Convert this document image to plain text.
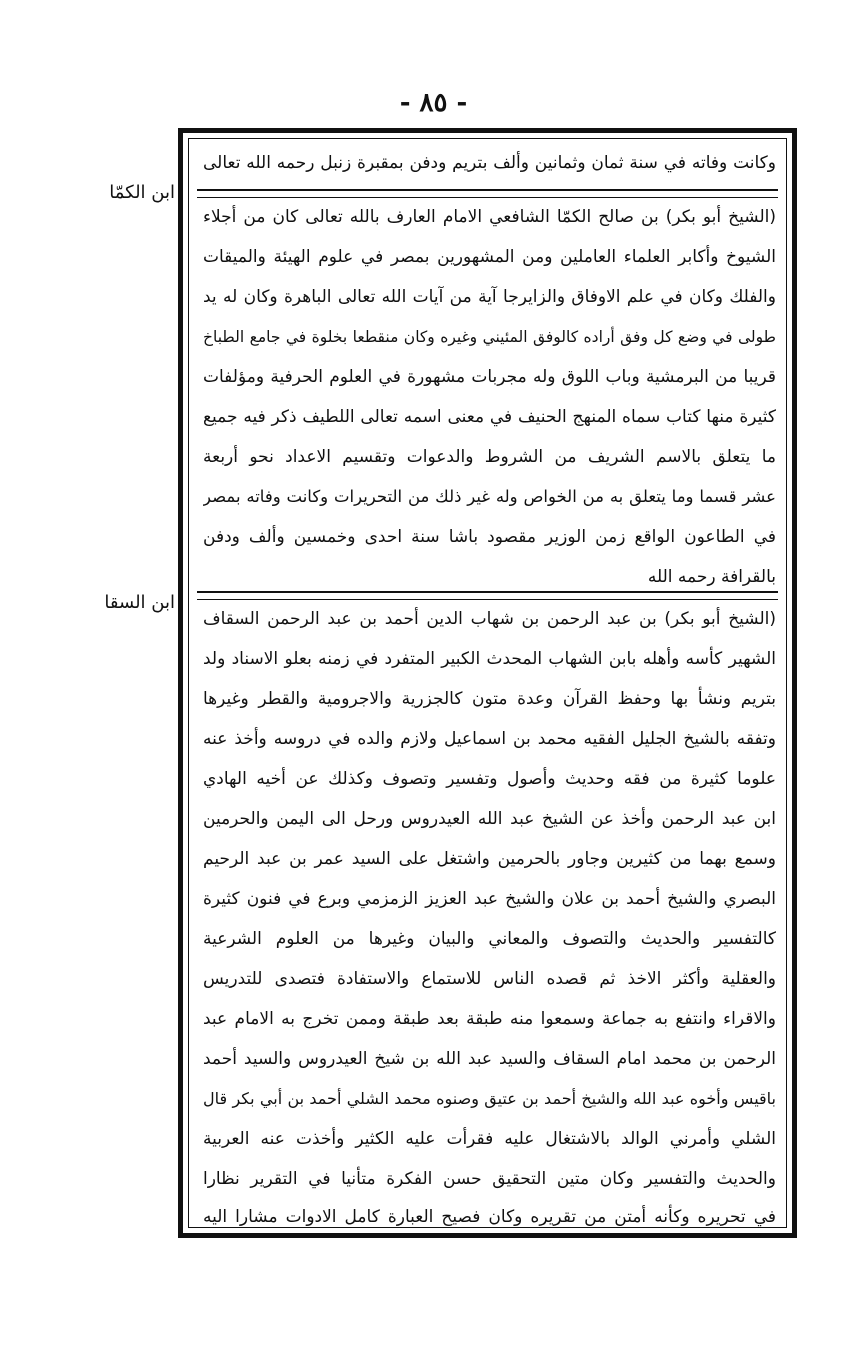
- ٨٥ -
ابن الكمّا
ابن السقا
وكانت وفاته في سنة ثمان وثمانين وألف بتريم ودفن بمقبرة زنبل رحمه الله تعالى
(الشيخ أبو بكر) بن صالح الكمّا الشافعي الامام العارف بالله تعالى كان من أجلاء
الشيوخ وأكابر العلماء العاملين ومن المشهورين بمصر في علوم الهيئة والميقات
والفلك وكان في علم الاوفاق والزايرجا آية من آيات الله تعالى الباهرة وكان له يد
طولى في وضع كل وفق أراده كالوفق المئيني وغيره وكان منقطعا بخلوة في جامع الطباخ
قريبا من البرمشية وباب اللوق وله مجربات مشهورة في العلوم الحرفية ومؤلفات
كثيرة منها كتاب سماه المنهج الحنيف في معنى اسمه تعالى اللطيف ذكر فيه جميع
ما يتعلق بالاسم الشريف من الشروط والدعوات وتقسيم الاعداد نحو أربعة
عشر قسما وما يتعلق به من الخواص وله غير ذلك من التحريرات وكانت وفاته بمصر
في الطاعون الواقع زمن الوزير مقصود باشا سنة احدى وخمسين وألف ودفن
بالقرافة رحمه الله
(الشيخ أبو بكر) بن عبد الرحمن بن شهاب الدين أحمد بن عبد الرحمن السقاف
الشهير كأسه وأهله بابن الشهاب المحدث الكبير المتفرد في زمنه بعلو الاسناد ولد
بتريم ونشأ بها وحفظ القرآن وعدة متون كالجزرية والاجرومية والقطر وغيرها
وتفقه بالشيخ الجليل الفقيه محمد بن اسماعيل ولازم والده في دروسه وأخذ عنه
علوما كثيرة من فقه وحديث وأصول وتفسير وتصوف وكذلك عن أخيه الهادي
ابن عبد الرحمن وأخذ عن الشيخ عبد الله العيدروس ورحل الى اليمن والحرمين
وسمع بهما من كثيرين وجاور بالحرمين واشتغل على السيد عمر بن عبد الرحيم
البصري والشيخ أحمد بن علان والشيخ عبد العزيز الزمزمي وبرع في فنون كثيرة
كالتفسير والحديث والتصوف والمعاني والبيان وغيرها من العلوم الشرعية
والعقلية وأكثر الاخذ ثم قصده الناس للاستماع والاستفادة فتصدى للتدريس
والاقراء وانتفع به جماعة وسمعوا منه طبقة بعد طبقة وممن تخرج به الامام عبد
الرحمن بن محمد امام السقاف والسيد عبد الله بن شيخ العيدروس والسيد أحمد
باقيس وأخوه عبد الله والشيخ أحمد بن عتيق وصنوه محمد الشلي أحمد بن أبي بكر قال
الشلي وأمرني الوالد بالاشتغال عليه فقرأت عليه الكثير وأخذت عنه العربية
والحديث والتفسير وكان متين التحقيق حسن الفكرة متأنيا في التقرير نظارا
في تحريره وكأنه أمتن من تقريره وكان فصيح العبارة كامل الادوات مشارا اليه
